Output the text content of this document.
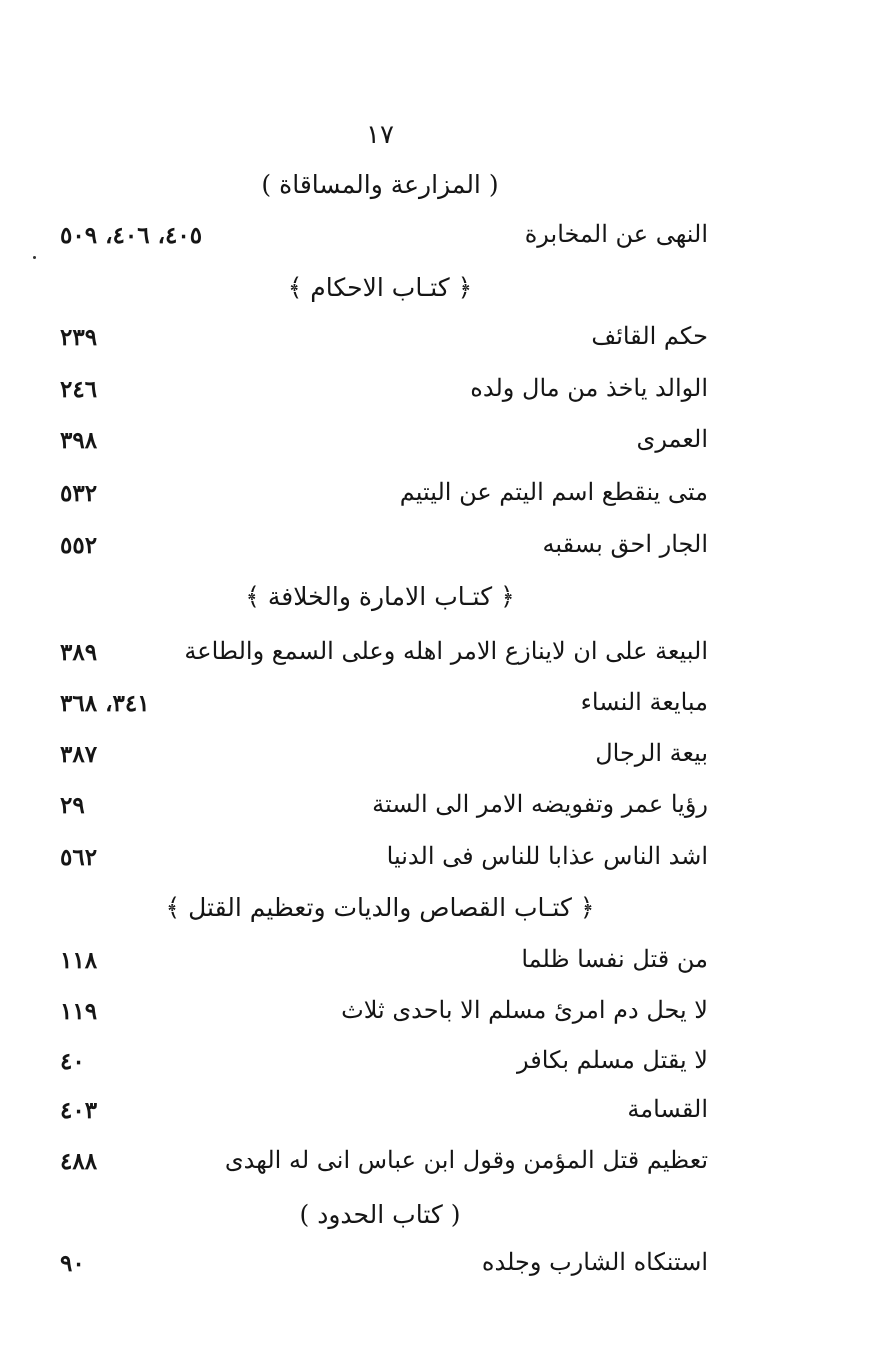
١٧
( المزارعة والمساقاة )
النهى عن المخابرة
٤٠٥، ٤٠٦، ٥٠٩
﴿ كتـاب الاحكام ﴾
حكم القائف
٢٣٩
الوالد ياخذ من مال ولده
٢٤٦
العمرى
٣٩٨
متى ينقطع اسم اليتم عن اليتيم
٥٣٢
الجار احق بسقبه
٥٥٢
﴿ كتـاب الامارة والخلافة ﴾
البيعة على ان لاينازع الامر اهله وعلى السمع والطاعة
٣٨٩
مبايعة النساء
٣٤١، ٣٦٨
بيعة الرجال
٣٨٧
رؤيا عمر وتفويضه الامر الى الستة
٢٩
اشد الناس عذابا للناس فى الدنيا
٥٦٢
﴿ كتـاب القصاص والديات وتعظيم القتل ﴾
من قتل نفسا ظلما
١١٨
لا يحل دم امرئ مسلم الا باحدى ثلاث
١١٩
لا يقتل مسلم بكافر
٤٠
القسامة
٤٠٣
تعظيم قتل المؤمن وقول ابن عباس انى له الهدى
٤٨٨
( كتاب الحدود )
استنكاه الشارب وجلده
٩٠
